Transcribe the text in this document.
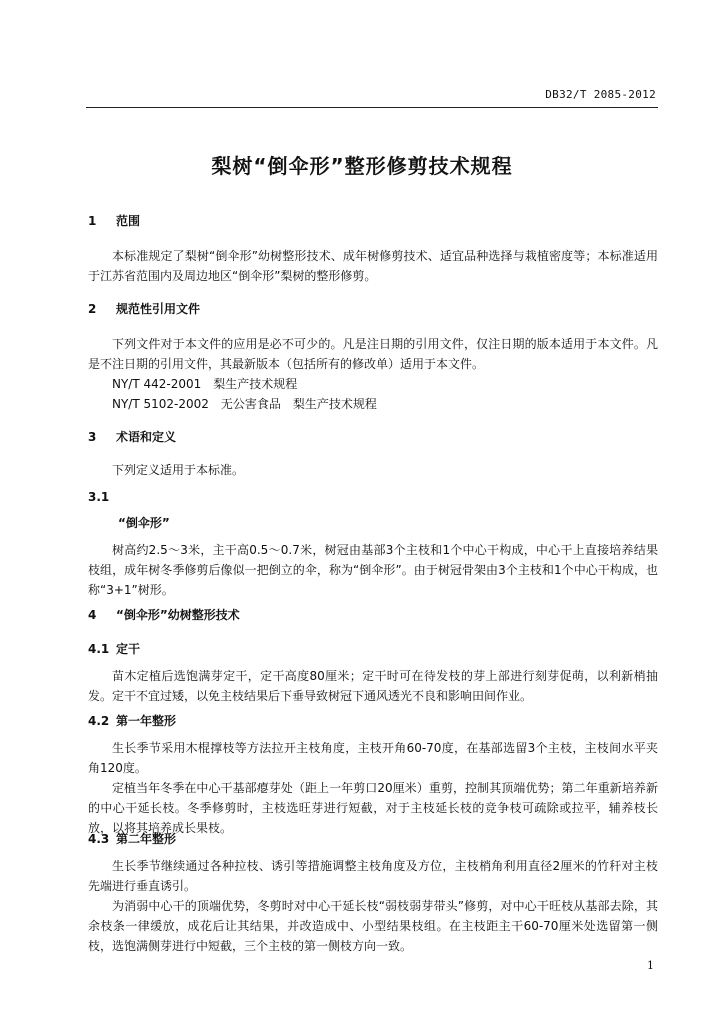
DB32/T 2085-2012
梨树“倒伞形”整形修剪技术规程
1 范围
本标准规定了梨树“倒伞形”幼树整形技术、成年树修剪技术、适宜品种选择与栽植密度等；本标准适用于江苏省范围内及周边地区“倒伞形”梨树的整形修剪。
2 规范性引用文件
下列文件对于本文件的应用是必不可少的。凡是注日期的引用文件，仅注日期的版本适用于本文件。凡是不注日期的引用文件，其最新版本（包括所有的修改单）适用于本文件。
NY/T 442-2001　梨生产技术规程
NY/T 5102-2002　无公害食品　梨生产技术规程
3 术语和定义
下列定义适用于本标准。
3.1
“倒伞形”
树高约2.5～3米，主干高0.5～0.7米，树冠由基部3个主枝和1个中心干构成，中心干上直接培养结果枝组，成年树冬季修剪后像似一把倒立的伞，称为“倒伞形”。由于树冠骨架由3个主枝和1个中心干构成，也称“3+1”树形。
4 “倒伞形”幼树整形技术
4.1 定干
苗木定植后选饱满芽定干，定干高度80厘米；定干时可在待发枝的芽上部进行刻芽促萌，以利新梢抽发。定干不宜过矮，以免主枝结果后下垂导致树冠下通风透光不良和影响田间作业。
4.2 第一年整形
生长季节采用木棍撑枝等方法拉开主枝角度，主枝开角60-70度，在基部选留3个主枝，主枝间水平夹角120度。
定植当年冬季在中心干基部瘪芽处（距上一年剪口20厘米）重剪，控制其顶端优势；第二年重新培养新的中心干延长枝。冬季修剪时，主枝选旺芽进行短截，对于主枝延长枝的竞争枝可疏除或拉平，辅养枝长放，以将其培养成长果枝。
4.3 第二年整形
生长季节继续通过各种拉枝、诱引等措施调整主枝角度及方位，主枝梢角利用直径2厘米的竹秆对主枝先端进行垂直诱引。
为消弱中心干的顶端优势，冬剪时对中心干延长枝“弱枝弱芽带头”修剪，对中心干旺枝从基部去除，其余枝条一律缓放，成花后让其结果，并改造成中、小型结果枝组。在主枝距主干60-70厘米处选留第一侧枝，选饱满侧芽进行中短截，三个主枝的第一侧枝方向一致。
1
